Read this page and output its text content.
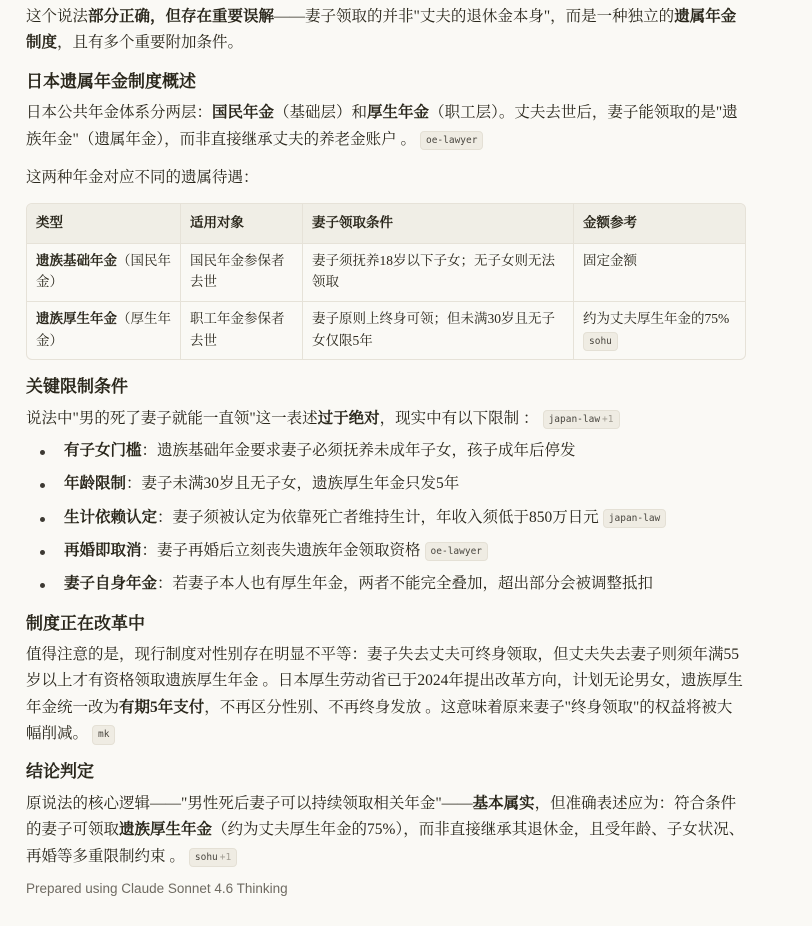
这个说法部分正确，但存在重要误解——妻子领取的并非"丈夫的退休金本身"，而是一种独立的遗属年金制度，且有多个重要附加条件。

日本遗属年金制度概述

日本公共年金体系分两层：国民年金（基础层）和厚生年金（职工层）。丈夫去世后，妻子能领取的是"遗族年金"（遗属年金），而非直接继承丈夫的养老金账户 。 oe-lawyer

这两种年金对应不同的遗属待遇：

类型	适用对象	妻子领取条件	金额参考
遗族基础年金（国民年金）	国民年金参保者去世	妻子须抚养18岁以下子女；无子女则无法领取	固定金额
遗族厚生年金（厚生年金）	职工年金参保者去世	妻子原则上终身可领；但未满30岁且无子女仅限5年	约为丈夫厚生年金的75%
sohu
关键限制条件

说法中"男的死了妻子就能一直领"这一表述过于绝对，现实中有以下限制 ： japan-law +1

有子女门槛：遗族基础年金要求妻子必须抚养未成年子女，孩子成年后停发
年龄限制：妻子未满30岁且无子女，遗族厚生年金只发5年
生计依赖认定：妻子须被认定为依靠死亡者维持生计，年收入须低于850万日元 japan-law
再婚即取消：妻子再婚后立刻丧失遗族年金领取资格 oe-lawyer
妻子自身年金：若妻子本人也有厚生年金，两者不能完全叠加，超出部分会被调整抵扣
制度正在改革中

值得注意的是，现行制度对性别存在明显不平等：妻子失去丈夫可终身领取，但丈夫失去妻子则须年满55岁以上才有资格领取遗族厚生年金 。日本厚生劳动省已于2024年提出改革方向，计划无论男女，遗族厚生年金统一改为有期5年支付，不再区分性别、不再终身发放 。这意味着原来妻子"终身领取"的权益将被大幅削减。 mk

结论判定

原说法的核心逻辑——"男性死后妻子可以持续领取相关年金"——基本属实，但准确表述应为：符合条件的妻子可领取遗族厚生年金（约为丈夫厚生年金的75%），而非直接继承其退休金，且受年龄、子女状况、再婚等多重限制约束 。 sohu +1

Prepared using Claude Sonnet 4.6 Thinking
